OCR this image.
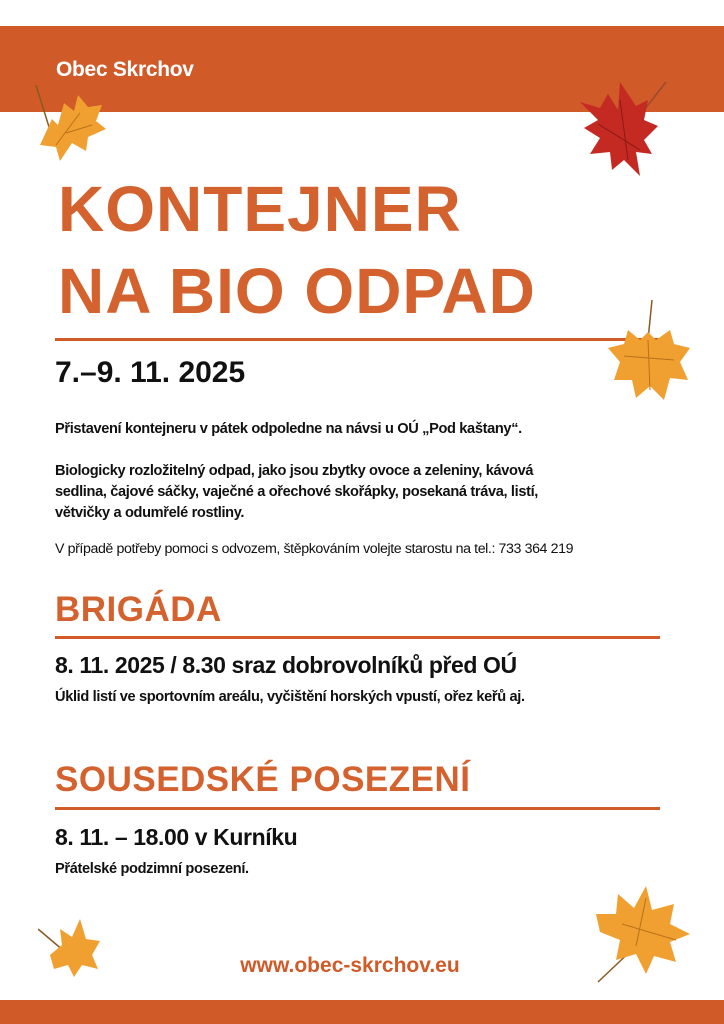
Obec Skrchov
KONTEJNER
NA BIO ODPAD
7.–9. 11. 2025
Přistavení kontejneru v pátek odpoledne na návsi u OÚ „Pod kaštany“.
Biologicky rozložitelný odpad, jako jsou zbytky ovoce a zeleniny, kávová
sedlina, čajové sáčky, vaječné a ořechové skořápky, posekaná tráva, listí,
větvičky a odumřelé rostliny.
V případě potřeby pomoci s odvozem, štěpkováním volejte starostu na tel.: 733 364 219
BRIGÁDA
8. 11. 2025 / 8.30 sraz dobrovolníků před OÚ
Úklid listí ve sportovním areálu, vyčištění horských vpustí, ořez keřů aj.
SOUSEDSKÉ POSEZENÍ
8. 11. – 18.00 v Kurníku
Přátelské podzimní posezení.
www.obec-skrchov.eu
